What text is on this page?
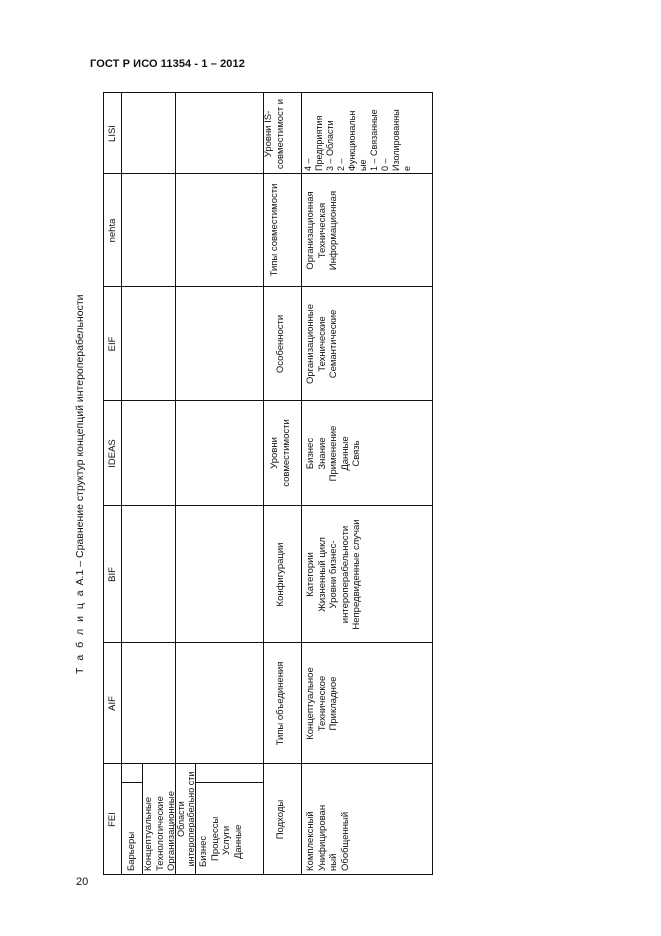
ГОСТ Р ИСО 11354 - 1 – 2012
Т а б л и ц а А.1 – Сравнение структур концепций интероперабельности
FEI
AIF
BIF
IDEAS
EIF
nehta
LISI
Барьеры Концептуальные Технологические Организационные Области интероперабельно сти Бизнес Процессы Услуги Данные
Подходы
Типы объединения
Конфигурации
Уровни совместимости
Особенности
Типы совместимости
Уровни IS-совместимост и
Комплексный Унифицирован ный Обобщенный
Концептуальное Техническое Прикладное
Категории Жизненный цикл Уровни бизнес- интероперабельности Непредвиденные случаи
Бизнес Знание Применение Данные Связь
Организационные Технические Семантические
Организационная Техническая Информационная
4 – Предприятия 3 – Области 2 – Функциональн ые 1 – Связанные 0 – Изолированны е
20
